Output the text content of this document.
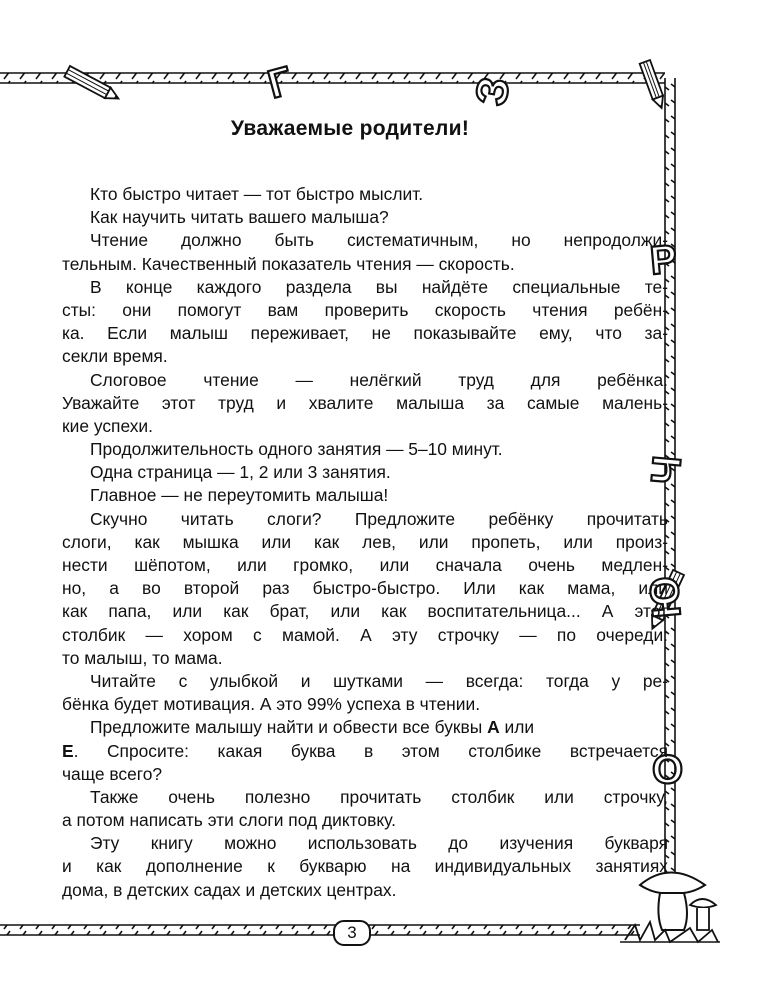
Г	З
Р
Ч
Ю
О
Уважаемые родители!
Кто быстро читает — тот быстро мыслит.
Как научить читать вашего малыша?
Чтение должно быть систематичным, но непродолжи-
тельным. Качественный показатель чтения — скорость.
В конце каждого раздела вы найдёте специальные те-
сты: они помогут вам проверить скорость чтения ребён-
ка. Если малыш переживает, не показывайте ему, что за-
секли время.
Слоговое чтение — нелёгкий труд для ребёнка.
Уважайте этот труд и хвалите малыша за самые малень-
кие успехи.
Продолжительность одного занятия — 5–10 минут.
Одна страница — 1, 2 или 3 занятия.
Главное — не переутомить малыша!
Скучно читать слоги? Предложите ребёнку прочитать
слоги, как мышка или как лев, или пропеть, или произ-
нести шёпотом, или громко, или сначала очень медлен-
но, а во второй раз быстро-быстро. Или как мама, или
как папа, или как брат, или как воспитательница... А этот
столбик — хором с мамой. А эту строчку — по очереди:
то малыш, то мама.
Читайте с улыбкой и шутками — всегда: тогда у ре-
бёнка будет мотивация. А это 99% успеха в чтении.
Предложите малышу найти и обвести все буквы А или
Е. Спросите: какая буква в этом столбике встречается
чаще всего?
Также очень полезно прочитать столбик или строчку,
а потом написать эти слоги под диктовку.
Эту книгу можно использовать до изучения букваря
и как дополнение к букварю на индивидуальных занятиях
дома, в детских садах и детских центрах.
3
